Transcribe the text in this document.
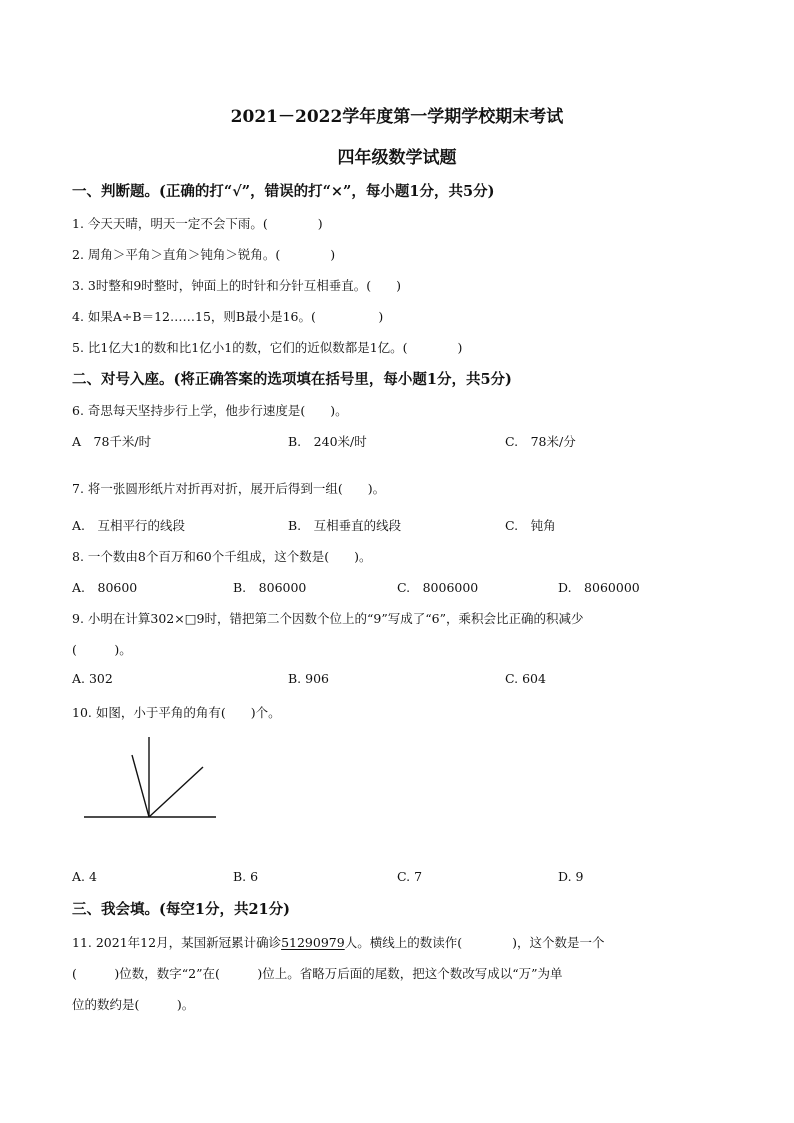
2021－2022学年度第一学期学校期末考试
四年级数学试题
一、判断题。(正确的打“√”，错误的打“×”，每小题1分，共5分)
1. 今天天晴，明天一定不会下雨。(　　　　)
2. 周角＞平角＞直角＞钝角＞锐角。(　　　　)
3. 3时整和9时整时，钟面上的时针和分针互相垂直。(　　)
4. 如果A÷B＝12……15，则B最小是16。(　　　　　)
5. 比1亿大1的数和比1亿小1的数，它们的近似数都是1亿。(　　　　)
二、对号入座。(将正确答案的选项填在括号里，每小题1分，共5分)
6. 奇思每天坚持步行上学，他步行速度是(　　)。
A　78千米/时	B.　240米/时	C.　78米/分
7. 将一张圆形纸片对折再对折，展开后得到一组(　　)。
A.　互相平行的线段	B.　互相垂直的线段	C.　钝角
8. 一个数由8个百万和60个千组成，这个数是(　　)。
A.　80600	B.　806000	C.　8006000	D.　8060000
9. 小明在计算302×□9时，错把第二个因数个位上的“9”写成了“6”，乘积会比正确的积减少
(　　　)。
A. 302	B. 906	C. 604
10. 如图，小于平角的角有(　　)个。
A. 4	B. 6	C. 7	D. 9
三、我会填。(每空1分，共21分)
11. 2021年12月，某国新冠累计确诊51290979人。横线上的数读作(　　　　)，这个数是一个
(　　　)位数，数字“2”在(　　　)位上。省略万后面的尾数，把这个数改写成以“万”为单
位的数约是(　　　)。
